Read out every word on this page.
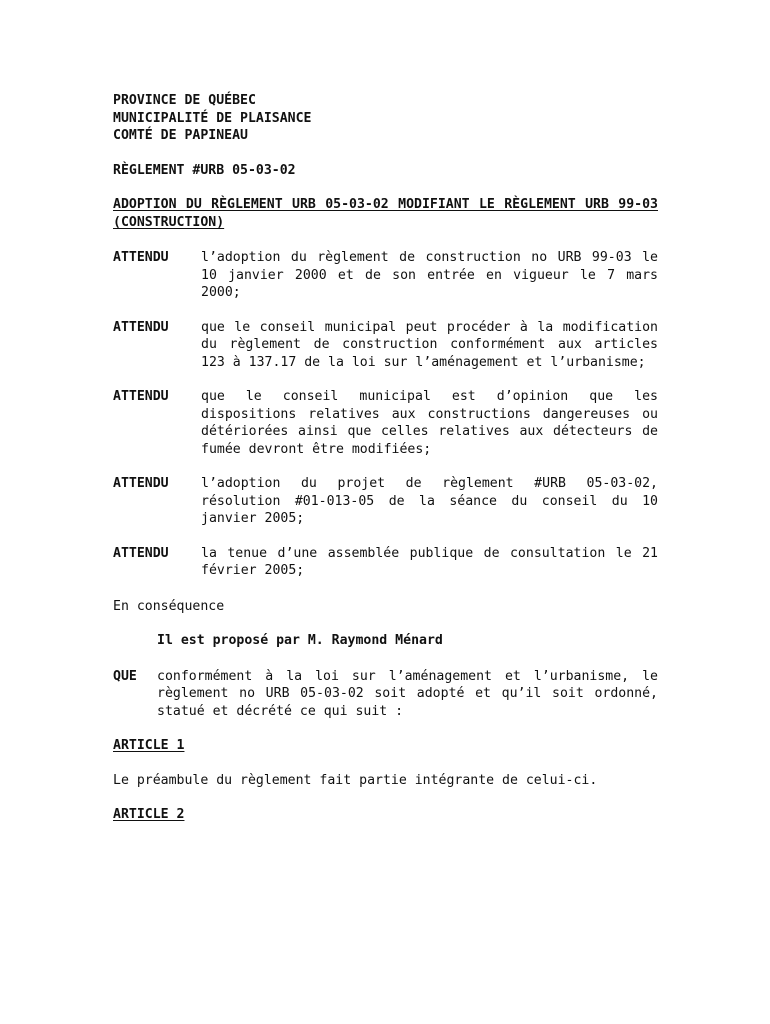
PROVINCE DE QUÉBEC
MUNICIPALITÉ DE PLAISANCE
COMTÉ DE PAPINEAU
RÈGLEMENT #URB 05-03-02
ADOPTION DU RÈGLEMENT URB 05-03-02 MODIFIANT LE RÈGLEMENT URB 99-03 (CONSTRUCTION)
ATTENDU	l’adoption du règlement de construction no URB 99-03 le 10 janvier 2000 et de son entrée en vigueur le 7 mars 2000;
ATTENDU	que le conseil municipal peut procéder à la modification du règlement de construction conformément aux articles 123 à 137.17 de la loi sur l’aménagement et l’urbanisme;
ATTENDU	que le conseil municipal est d’opinion que les dispositions relatives aux constructions dangereuses ou détériorées ainsi que celles relatives aux détecteurs de fumée devront être modifiées;
ATTENDU	l’adoption du projet de règlement #URB 05-03-02, résolution #01-013-05 de la séance du conseil du 10 janvier 2005;
ATTENDU	la tenue d’une assemblée publique de consultation le 21 février 2005;
En conséquence
Il est proposé par M. Raymond Ménard
QUE	conformément à la loi sur l’aménagement et l’urbanisme, le règlement no URB 05-03-02 soit adopté et qu’il soit ordonné, statué et décrété ce qui suit :
ARTICLE 1
Le préambule du règlement fait partie intégrante de celui-ci.
ARTICLE 2
